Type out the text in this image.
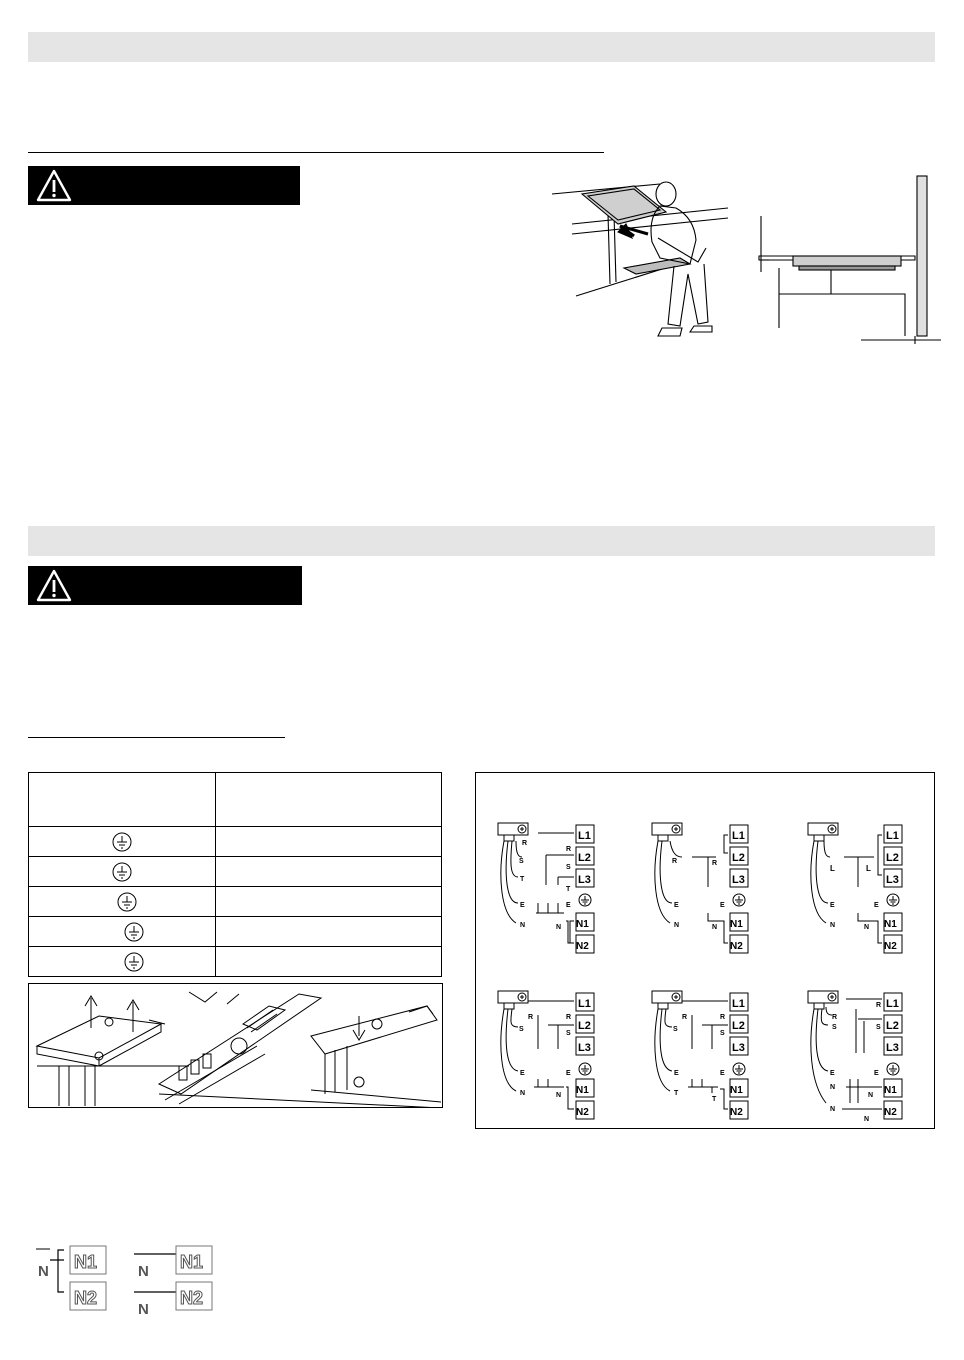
L1
L2
L3
N1
N2
R
R
S
S
T
T
E	E
N	N
L1
L2
L3
N1
N2
R	R
E	E
N	N
L1
L2
L3
N1
N2
L	L
E	E
N	N
L1
L2
L3
N1
N2
R	R
S
S
E	E
N	N
L1
L2
L3
N1
N2
R	R
S
S
E	E
T
T
L1
L2
L3
N1
N2
R
R
S	S
E	E
N
N
N
N
N N1
N2
N N1
N
N2
